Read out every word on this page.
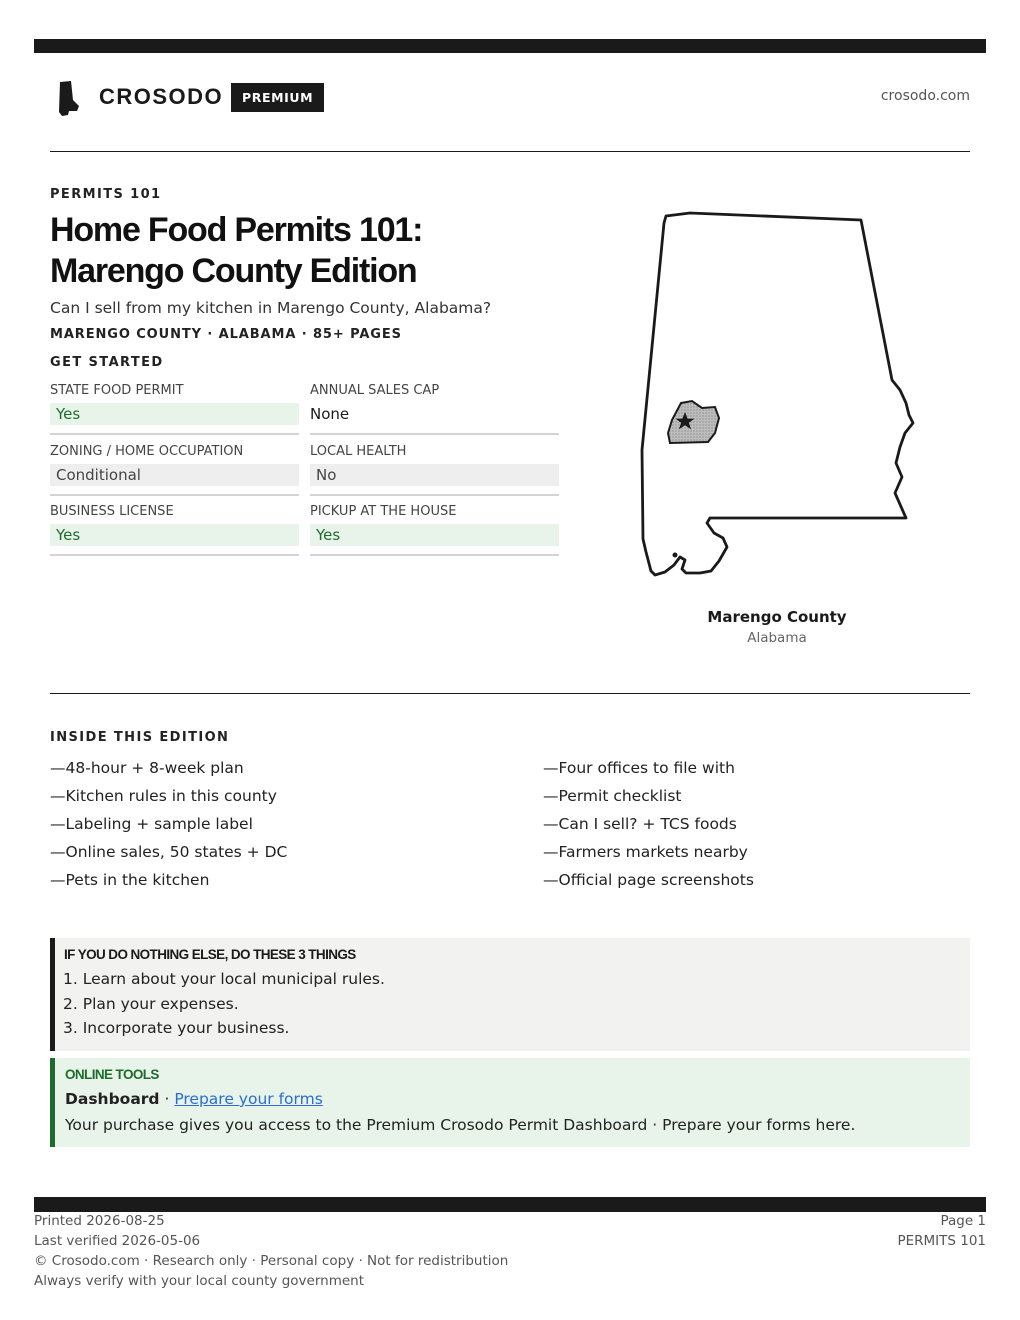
CROSODO	PREMIUM	crosodo.com
PERMITS 101
Home Food Permits 101:
Marengo County Edition
Can I sell from my kitchen in Marengo County, Alabama?
MARENGO COUNTY · ALABAMA · 85+ PAGES
GET STARTED
STATE FOOD PERMIT
Yes
ANNUAL SALES CAP
None
ZONING / HOME OCCUPATION
Conditional
LOCAL HEALTH
No
BUSINESS LICENSE
Yes
PICKUP AT THE HOUSE
Yes
Marengo County
Alabama
INSIDE THIS EDITION
—48-hour + 8-week plan
—Kitchen rules in this county
—Labeling + sample label
—Online sales, 50 states + DC
—Pets in the kitchen
—Four offices to file with
—Permit checklist
—Can I sell? + TCS foods
—Farmers markets nearby
—Official page screenshots
IF YOU DO NOTHING ELSE, DO THESE 3 THINGS
1. Learn about your local municipal rules.
2. Plan your expenses.
3. Incorporate your business.
ONLINE TOOLS
Dashboard · Prepare your forms
Your purchase gives you access to the Premium Crosodo Permit Dashboard · Prepare your forms here.
Printed 2026-08-25
Last verified 2026-05-06
© Crosodo.com · Research only · Personal copy · Not for redistribution
Always verify with your local county government
Page 1
PERMITS 101
